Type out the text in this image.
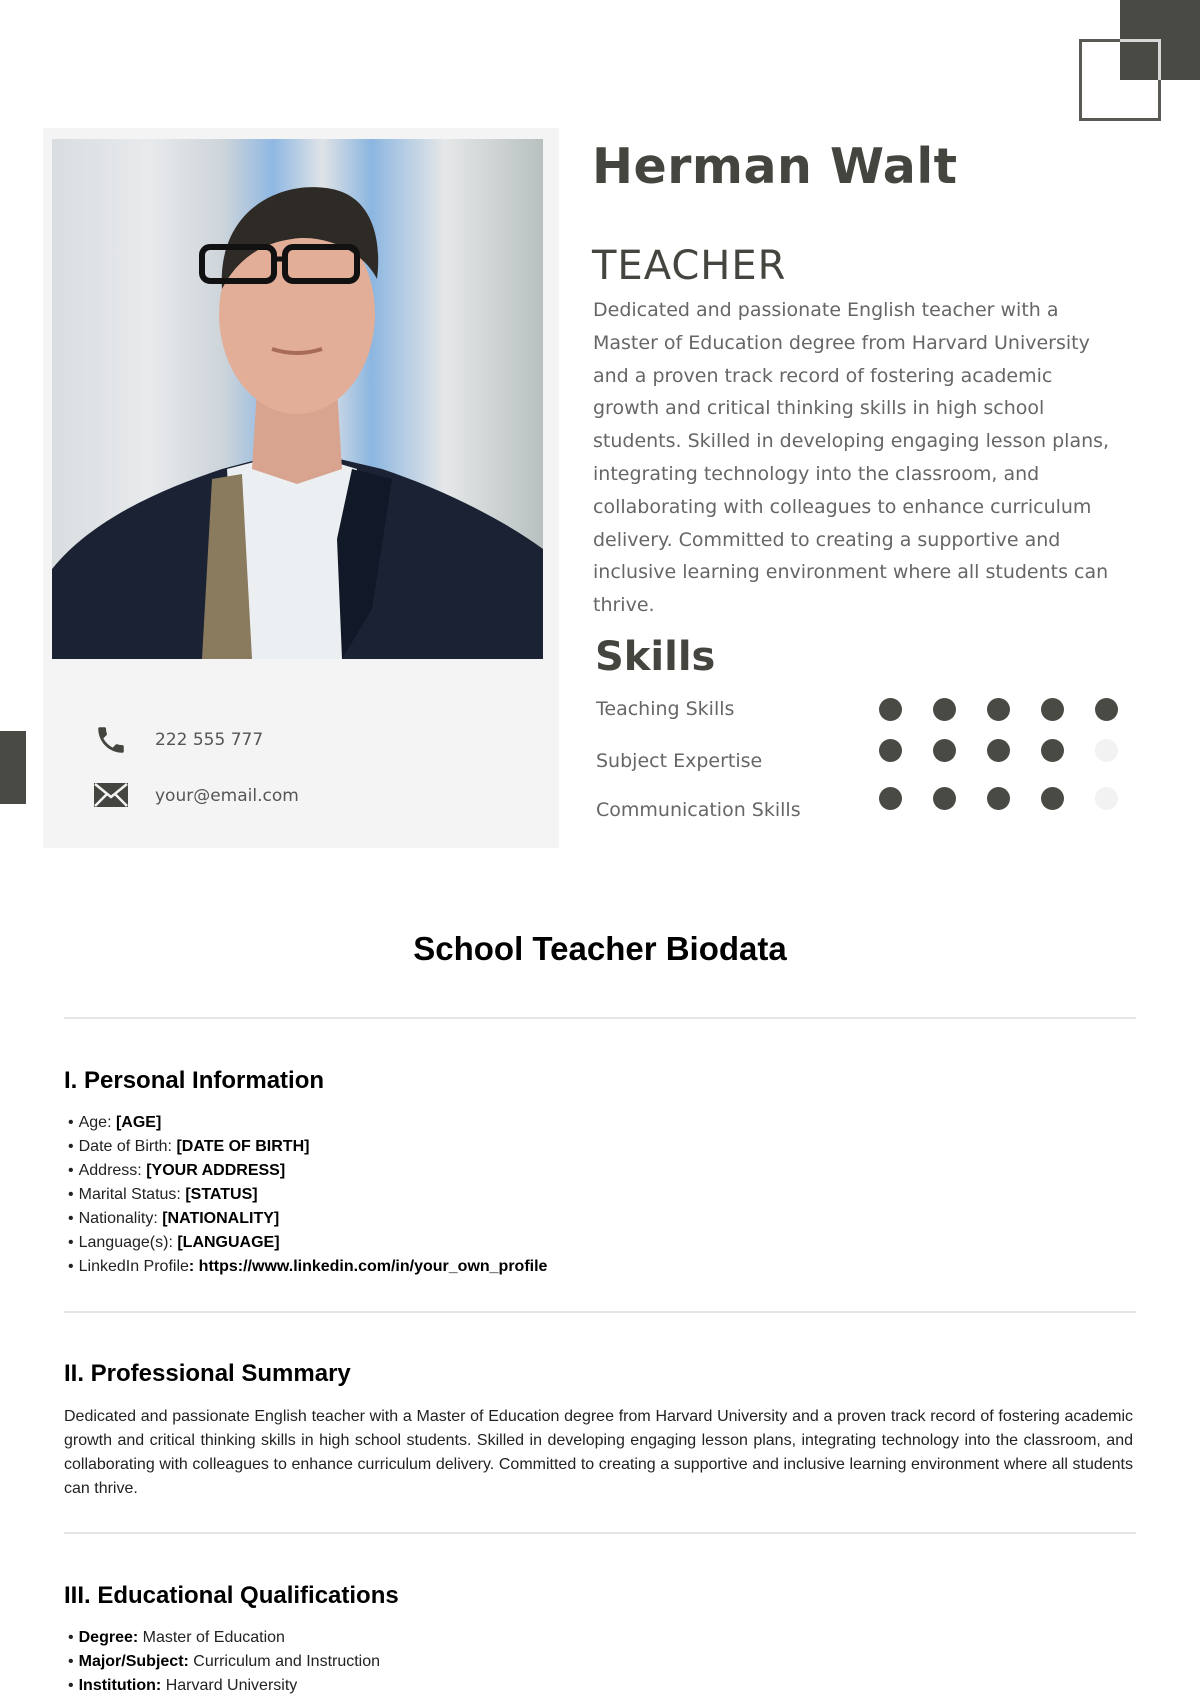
222 555 777
your@email.com
Herman Walt
TEACHER

Dedicated and passionate English teacher with a Master of Education degree from Harvard University and a proven track record of fostering academic growth and critical thinking skills in high school students. Skilled in developing engaging lesson plans, integrating technology into the classroom, and collaborating with colleagues to enhance curriculum delivery. Committed to creating a supportive and inclusive learning environment where all students can thrive.

Skills
Teaching Skills
Subject Expertise
Communication Skills
School Teacher Biodata
I. Personal Information
• Age: [AGE]
• Date of Birth: [DATE OF BIRTH]
• Address: [YOUR ADDRESS]
• Marital Status: [STATUS]
• Nationality: [NATIONALITY]
• Language(s): [LANGUAGE]
• LinkedIn Profile: https://www.linkedin.com/in/your_own_profile
II. Professional Summary

Dedicated and passionate English teacher with a Master of Education degree from Harvard University and a proven track record of fostering academic growth and critical thinking skills in high school students. Skilled in developing engaging lesson plans, integrating technology into the classroom, and collaborating with colleagues to enhance curriculum delivery. Committed to creating a supportive and inclusive learning environment where all students can thrive.

III. Educational Qualifications
• Degree: Master of Education
• Major/Subject: Curriculum and Instruction
• Institution: Harvard University
